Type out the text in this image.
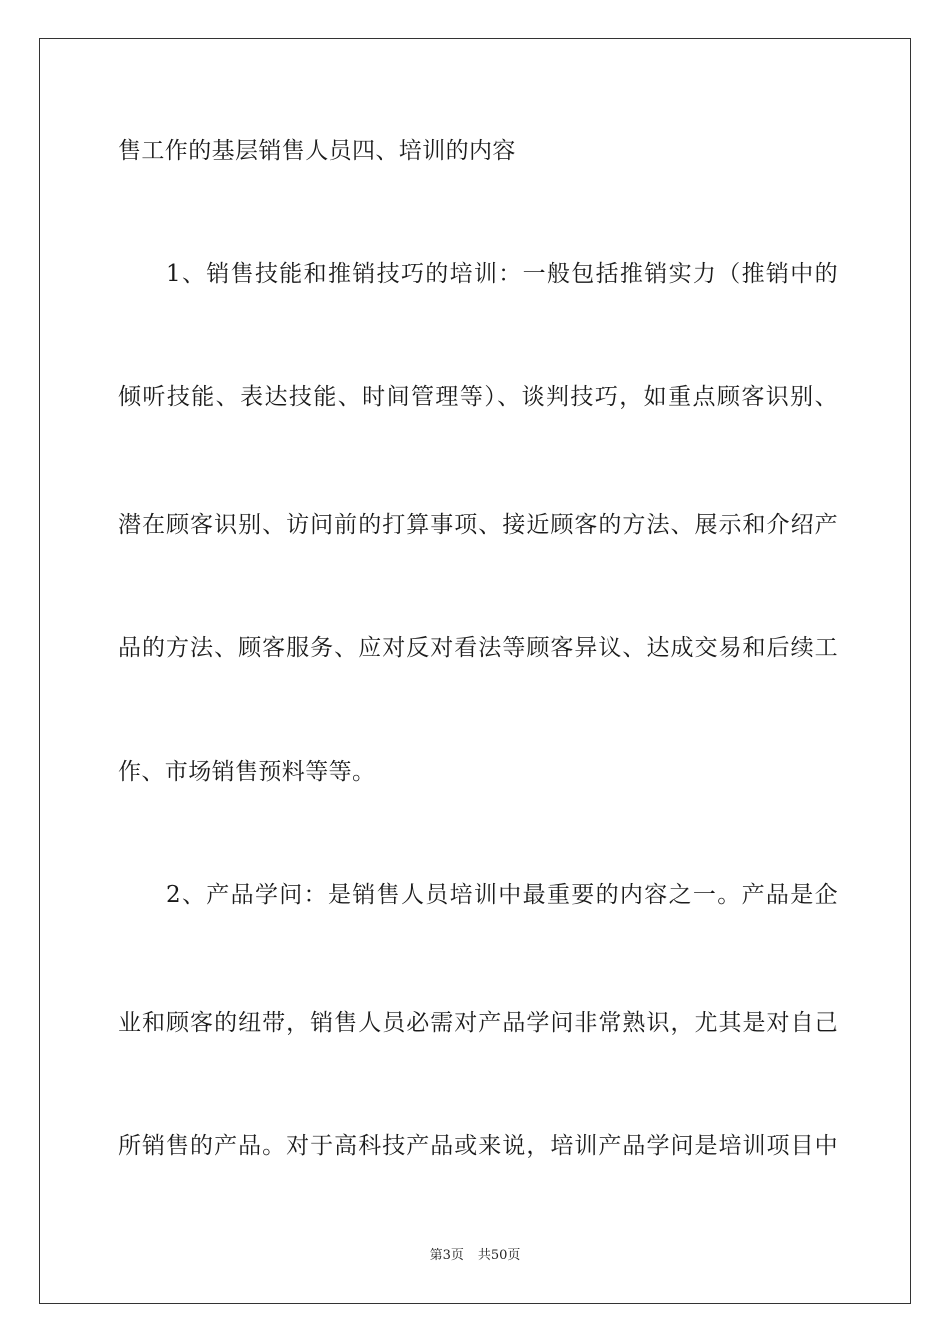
售工作的基层销售人员四、培训的内容
1、销售技能和推销技巧的培训：一般包括推销实力（推销中的
倾听技能、表达技能、时间管理等）、谈判技巧，如重点顾客识别、
潜在顾客识别、访问前的打算事项、接近顾客的方法、展示和介绍产
品的方法、顾客服务、应对反对看法等顾客异议、达成交易和后续工
作、市场销售预料等等。
2、产品学问：是销售人员培训中最重要的内容之一。产品是企
业和顾客的纽带，销售人员必需对产品学问非常熟识，尤其是对自己
所销售的产品。对于高科技产品或来说，培训产品学问是培训项目中
第3页 共50页
